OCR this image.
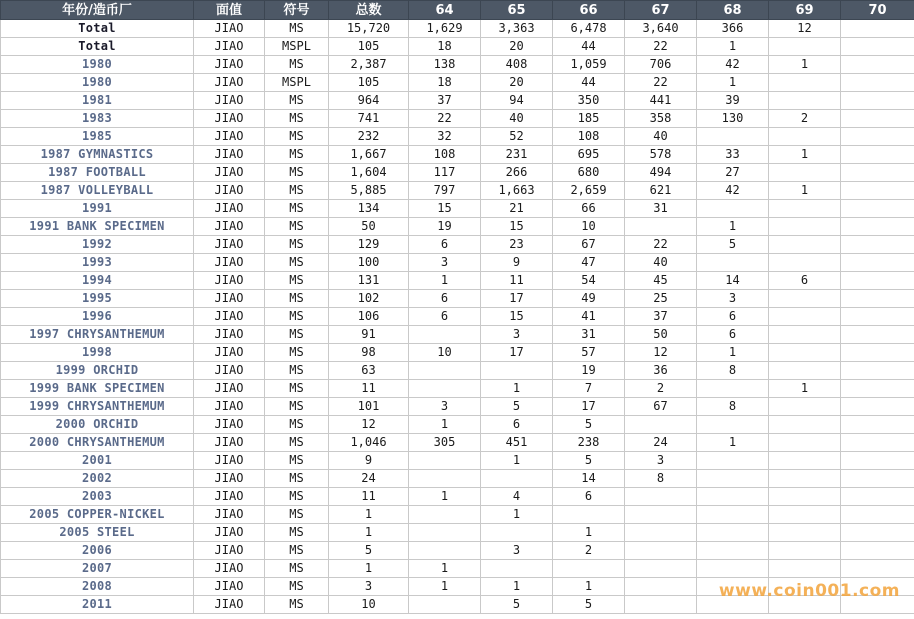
年份/造币厂	面值	符号	总数	64	65	66	67	68	69	70
Total	JIAO	MS	15,720	1,629	3,363	6,478	3,640	366	12	
Total	JIAO	MSPL	105	18	20	44	22	1		
1980	JIAO	MS	2,387	138	408	1,059	706	42	1	
1980	JIAO	MSPL	105	18	20	44	22	1		
1981	JIAO	MS	964	37	94	350	441	39		
1983	JIAO	MS	741	22	40	185	358	130	2	
1985	JIAO	MS	232	32	52	108	40			
1987 GYMNASTICS	JIAO	MS	1,667	108	231	695	578	33	1	
1987 FOOTBALL	JIAO	MS	1,604	117	266	680	494	27		
1987 VOLLEYBALL	JIAO	MS	5,885	797	1,663	2,659	621	42	1	
1991	JIAO	MS	134	15	21	66	31			
1991 BANK SPECIMEN	JIAO	MS	50	19	15	10		1		
1992	JIAO	MS	129	6	23	67	22	5		
1993	JIAO	MS	100	3	9	47	40			
1994	JIAO	MS	131	1	11	54	45	14	6	
1995	JIAO	MS	102	6	17	49	25	3		
1996	JIAO	MS	106	6	15	41	37	6		
1997 CHRYSANTHEMUM	JIAO	MS	91		3	31	50	6		
1998	JIAO	MS	98	10	17	57	12	1		
1999 ORCHID	JIAO	MS	63			19	36	8		
1999 BANK SPECIMEN	JIAO	MS	11		1	7	2		1	
1999 CHRYSANTHEMUM	JIAO	MS	101	3	5	17	67	8		
2000 ORCHID	JIAO	MS	12	1	6	5				
2000 CHRYSANTHEMUM	JIAO	MS	1,046	305	451	238	24	1		
2001	JIAO	MS	9		1	5	3			
2002	JIAO	MS	24			14	8			
2003	JIAO	MS	11	1	4	6				
2005 COPPER-NICKEL	JIAO	MS	1		1					
2005 STEEL	JIAO	MS	1			1				
2006	JIAO	MS	5		3	2				
2007	JIAO	MS	1	1						
2008	JIAO	MS	3	1	1	1				
2011	JIAO	MS	10		5	5				
www.coin001.com
